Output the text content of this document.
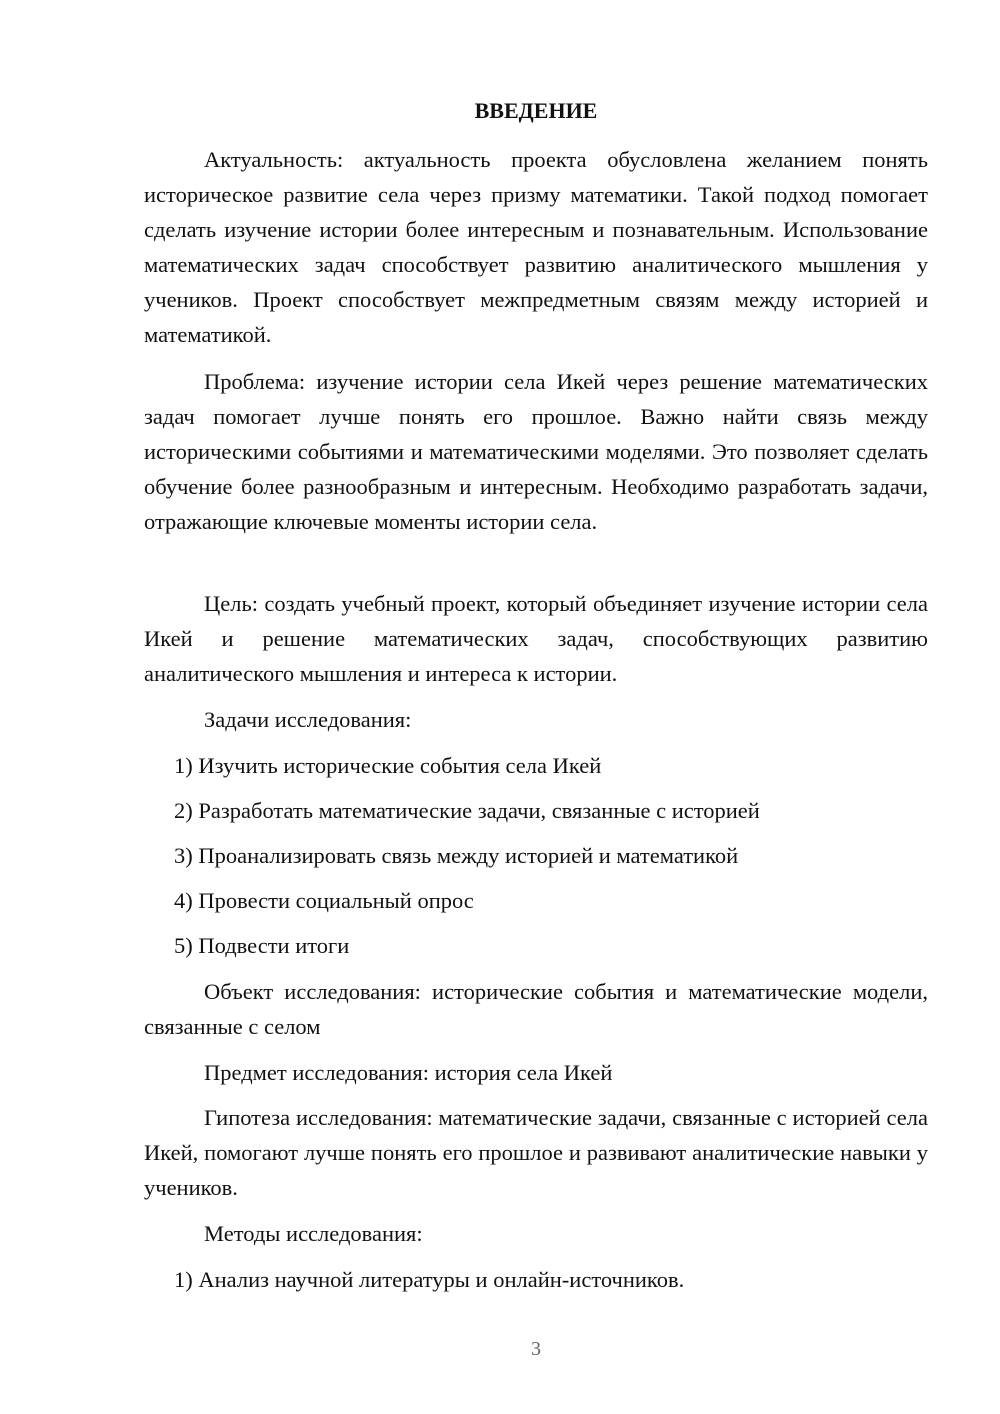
ВВЕДЕНИЕ

Актуальность: актуальность проекта обусловлена желанием понять историческое развитие села через призму математики. Такой подход помогает сделать изучение истории более интересным и познавательным. Использование математических задач способствует развитию аналитического мышления у учеников. Проект способствует межпредметным связям между историей и математикой.

Проблема: изучение истории села Икей через решение математических задач помогает лучше понять его прошлое. Важно найти связь между историческими событиями и математическими моделями. Это позволяет сделать обучение более разнообразным и интересным. Необходимо разработать задачи, отражающие ключевые моменты истории села.

Цель: создать учебный проект, который объединяет изучение истории села Икей и решение математических задач, способствующих развитию аналитического мышления и интереса к истории.

Задачи исследования:

1) Изучить исторические события села Икей

2) Разработать математические задачи, связанные с историей

3) Проанализировать связь между историей и математикой

4) Провести социальный опрос

5) Подвести итоги

Объект исследования: исторические события и математические модели, связанные с селом

Предмет исследования: история села Икей

Гипотеза исследования: математические задачи, связанные с историей села Икей, помогают лучше понять его прошлое и развивают аналитические навыки у учеников.

Методы исследования:

1) Анализ научной литературы и онлайн-источников.

3
